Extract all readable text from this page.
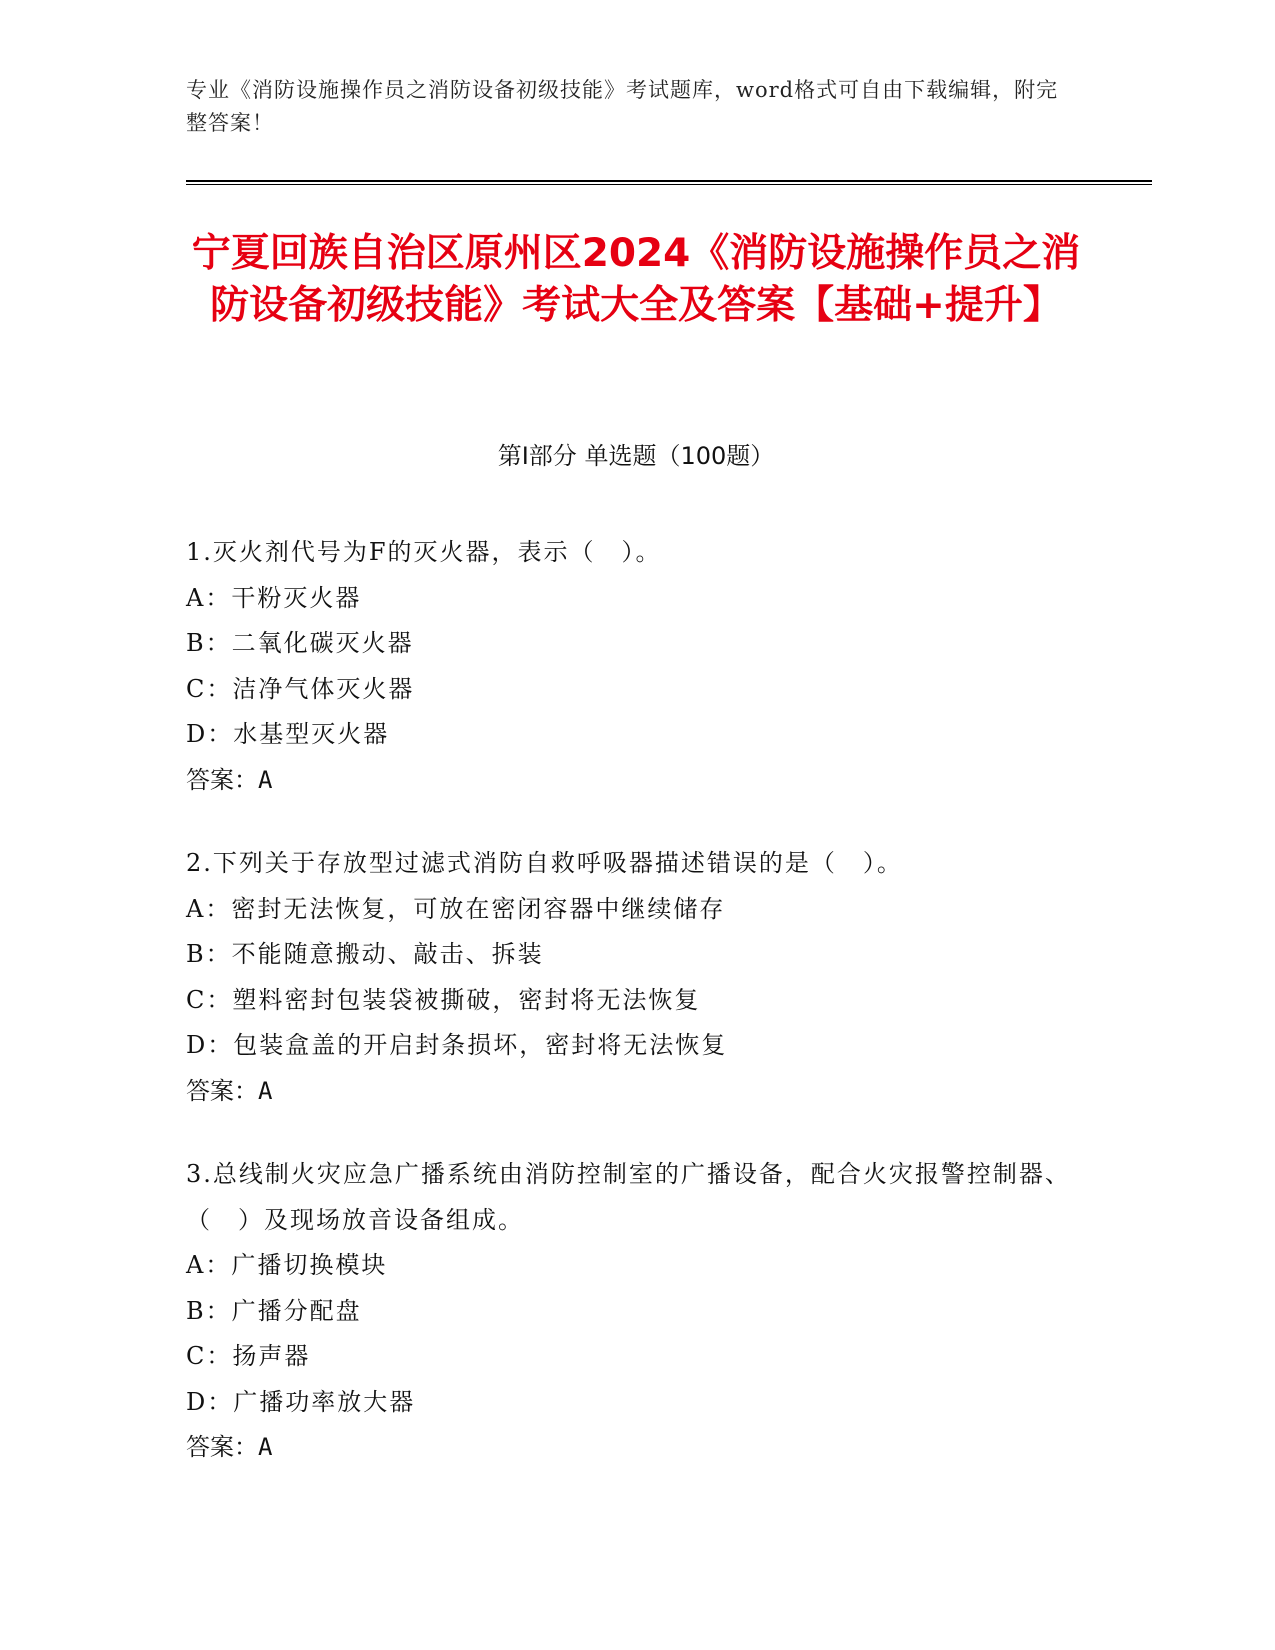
专业《消防设施操作员之消防设备初级技能》考试题库，word格式可自由下载编辑，附完整答案！
宁夏回族自治区原州区2024《消防设施操作员之消防设备初级技能》考试大全及答案【基础+提升】
第Ⅰ部分 单选题（100题）
1.灭火剂代号为F的灭火器，表示（　）。
A：干粉灭火器
B：二氧化碳灭火器
C：洁净气体灭火器
D：水基型灭火器
答案：A
2.下列关于存放型过滤式消防自救呼吸器描述错误的是（　）。
A：密封无法恢复，可放在密闭容器中继续储存
B：不能随意搬动、敲击、拆装
C：塑料密封包装袋被撕破，密封将无法恢复
D：包装盒盖的开启封条损坏，密封将无法恢复
答案：A
3.总线制火灾应急广播系统由消防控制室的广播设备，配合火灾报警控制器、（　）及现场放音设备组成。
A：广播切换模块
B：广播分配盘
C：扬声器
D：广播功率放大器
答案：A
